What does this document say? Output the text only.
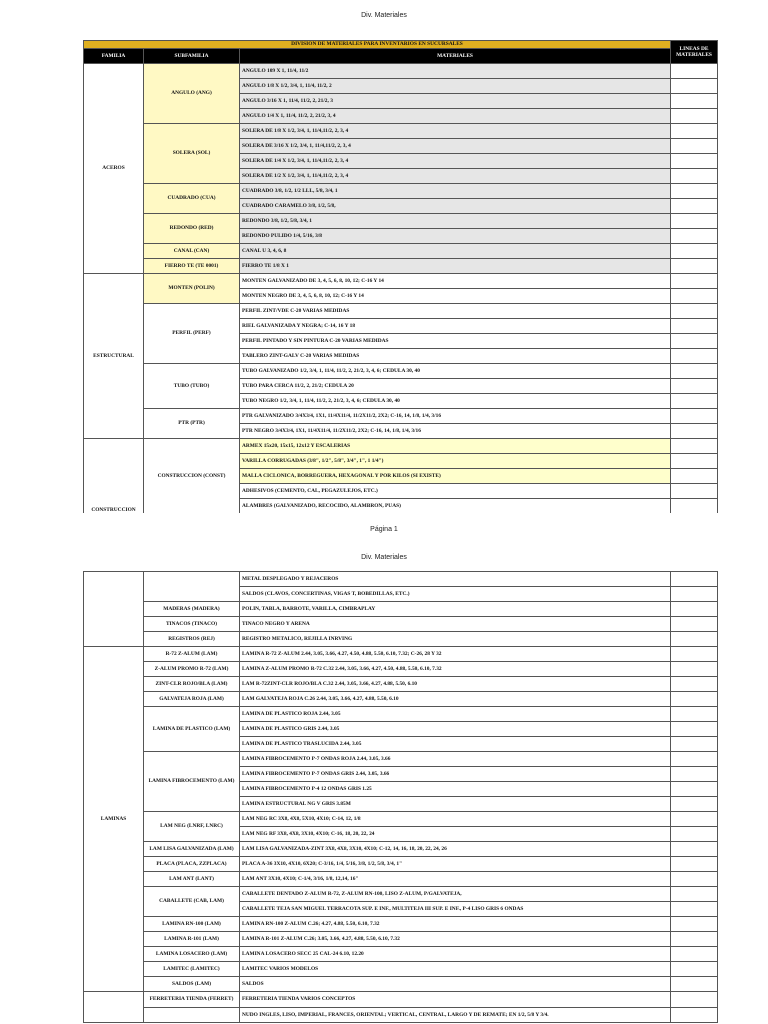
Div. Materiales
DIVISION DE MATERIALES PARA INVENTARIOS EN SUCURSALES			LINEAS DE MATERIALES
FAMILIA	SUBFAMILIA	MATERIALES	
ACEROS	ANGULO (ANG)	ANGULO 109 X 1, 11/4, 11/2	
		ANGULO 1/8 X 1/2, 3/4, 1, 11/4, 11/2, 2	
		ANGULO 3/16 X 1, 11/4, 11/2, 2, 21/2, 3	
		ANGULO 1/4 X 1, 11/4, 11/2, 2, 21/2, 3, 4	
	SOLERA (SOL)	SOLERA DE 1/8 X 1/2, 3/4, 1, 11/4,11/2, 2, 3, 4	
		SOLERA DE 3/16 X 1/2, 3/4, 1, 11/4,11/2, 2, 3, 4	
		SOLERA DE 1/4 X 1/2, 3/4, 1, 11/4,11/2, 2, 3, 4	
		SOLERA DE 1/2 X 1/2, 3/4, 1, 11/4,11/2, 2, 3, 4	
	CUADRADO (CUA)	CUADRADO 3/8, 1/2, 1/2 LLL, 5/8, 3/4, 1	
		CUADRADO CARAMELO 3/8, 1/2, 5/8,	
	REDONDO (RED)	REDONDO 3/8, 1/2, 5/8, 3/4, 1	
		REDONDO PULIDO 1/4, 5/16, 3/8	
	CANAL (CAN)	CANAL U 3, 4, 6, 8	
	FIERRO TE (TE 0001)	FIERRO TE 1/8 X 1	
ESTRUCTURAL	MONTEN (POLIN)	MONTEN GALVANIZADO DE 3, 4, 5, 6, 8, 10, 12; C-16 Y 14	
		MONTEN NEGRO DE 3, 4, 5, 6, 8, 10, 12; C-16 Y 14	
	PERFIL (PERF)	PERFIL ZINT/VDE C-20 VARIAS MEDIDAS	
		RIEL GALVANIZADA Y NEGRA; C-14, 16 Y 18	
		PERFIL PINTADO Y SIN PINTURA C-20 VARIAS MEDIDAS	
		TABLERO ZINT-GALV C-20 VARIAS MEDIDAS	
	TUBO (TUBO)	TUBO GALVANIZADO 1/2, 3/4, 1, 11/4, 11/2, 2, 21/2, 3, 4, 6; CEDULA 30, 40	
		TUBO PARA CERCA 11/2, 2, 21/2; CEDULA 20	
		TUBO NEGRO 1/2, 3/4, 1, 11/4, 11/2, 2, 21/2, 3, 4, 6; CEDULA 30, 40	
	PTR (PTR)	PTR GALVANIZADO 3/4X3/4, 1X1, 11/4X11/4, 11/2X11/2, 2X2; C-16, 14, 1/8, 1/4, 3/16	
		PTR NEGRO 3/4X3/4, 1X1, 11/4X11/4, 11/2X11/2, 2X2; C-16, 14, 1/8, 1/4, 3/16	
CONSTRUCCION	CONSTRUCCION (CONST)	ARMEX 15x20, 15x15, 12x12 Y ESCALERIAS	
		VARILLA CORRUGADAS (3/8", 1/2", 5/8", 3/4", 1", 1 1/4")	
		MALLA CICLONICA, BORREGUERA, HEXAGONAL Y POR KILOS (SI EXISTE)	
		ADHESIVOS (CEMENTO, CAL, PEGAZULEJOS, ETC.)	
		ALAMBRES (GALVANIZADO, RECOCIDO, ALAMBRON, PUAS)	
Página 1
Div. Materiales
		METAL DESPLEGADO Y REJACEROS	
		SALDOS (CLAVOS, CONCERTINAS, VIGAS T, BOBEDILLAS, ETC.)	
	MADERAS (MADERA)	POLIN, TABLA, BARROTE, VARILLA, CIMBRAPLAY	
	TINACOS (TINACO)	TINACO NEGRO Y ARENA	
	REGISTROS (REJ)	REGISTRO METALICO, REJILLA INRVING	
LAMINAS	R-72 Z-ALUM (LAM)	LAMINA R-72 Z-ALUM 2.44, 3.05, 3.66, 4.27, 4.50, 4.88, 5.50, 6.10, 7.32; C-26, 28 Y 32	
	Z-ALUM PROMO R-72 (LAM)	LAMINA Z-ALUM PROMO R-72 C.32 2.44, 3.05, 3.66, 4.27, 4.50, 4.88, 5.50, 6.10, 7.32	
	ZINT-CLR ROJO/BLA (LAM)	LAM R-72ZINT-CLR ROJO/BLA C.32 2.44, 3.05, 3.66, 4.27, 4.88, 5.50, 6.10	
	GALVATEJA ROJA (LAM)	LAM GALVATEJA ROJA C.26 2.44, 3.05, 3.66, 4.27, 4.88, 5.50, 6.10	
	LAMINA DE PLASTICO (LAM)	LAMINA DE PLASTICO ROJA 2.44, 3.05	
		LAMINA DE PLASTICO GRIS 2.44, 3.05	
		LAMINA DE PLASTICO TRASLUCIDA 2.44, 3.05	
	LAMINA FIBROCEMENTO (LAM)	LAMINA FIBROCEMENTO P-7 ONDAS ROJA 2.44, 3.05, 3.66	
		LAMINA FIBROCEMENTO P-7 ONDAS GRIS 2.44, 3.05, 3.66	
		LAMINA FIBROCEMENTO P-4 12 ONDAS GRIS 1.25	
		LAMINA ESTRUCTURAL NG V GRIS 3.85M	
	LAM NEG (LNRF, LNRC)	LAM NEG RC 3X8, 4X8, 5X10, 4X10; C-14, 12, 1/8	
		LAM NEG RF 3X8, 4X8, 3X10, 4X10; C-16, 18, 20, 22, 24	
	LAM LISA GALVANIZADA (LAM)	LAM LISA GALVANIZADA-ZINT 3X8, 4X8, 3X10, 4X10; C-12, 14, 16, 18, 20, 22, 24, 26	
	PLACA (PLACA, ZZPLACA)	PLACA A-36 3X10, 4X10, 6X20; C-3/16, 1/4, 5/16, 3/8, 1/2, 5/8, 3/4, 1"	
	LAM ANT (LANT)	LAM ANT 3X10, 4X10; C-1/4, 3/16, 1/8, 12,14, 16"	
	CABALLETE (CAB, LAM)	CABALLETE DENTADO Z-ALUM R-72, Z-ALUM RN-100, LISO Z-ALUM, P/GALVATEJA,	
		CABALLETE TEJA SAN MIGUEL TERRACOTA SUP. E INF., MULTITEJA III SUP. E INF., P-4 LISO GRIS 6 ONDAS	
	LAMINA RN-100 (LAM)	LAMINA RN-100 Z-ALUM C.26; 4.27, 4.88, 5.50, 6.10, 7.32	
	LAMINA R-101 (LAM)	LAMINA R-101 Z-ALUM C.26; 3.05, 3.66, 4.27, 4.88, 5.50, 6.10, 7.32	
	LAMINA LOSACERO (LAM)	LAMINA LOSACERO SECC 25 CAL-24 6.10, 12.20	
	LAMITEC (LAMITEC)	LAMITEC VARIOS MODELOS	
	SALDOS (LAM)	SALDOS	
	FERRETERIA TIENDA (FERRET)	FERRETERIA TIENDA VARIOS CONCEPTOS	
		NUDO INGLES, LISO, IMPERIAL, FRANCES, ORIENTAL; VERTICAL, CENTRAL, LARGO Y DE REMATE; EN 1/2, 5/8 Y 3/4.	
